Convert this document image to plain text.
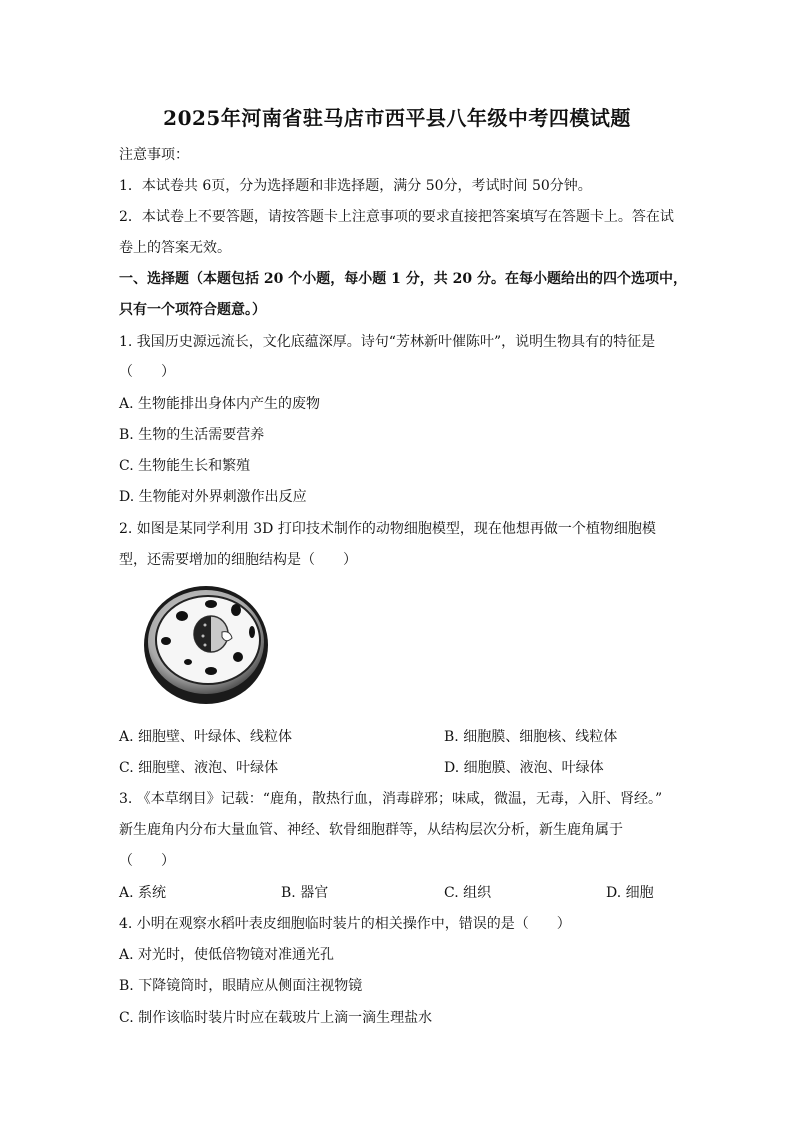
2025年河南省驻马店市西平县八年级中考四模试题
注意事项：
1．本试卷共 6页，分为选择题和非选择题，满分 50分，考试时间 50分钟。
2．本试卷上不要答题，请按答题卡上注意事项的要求直接把答案填写在答题卡上。答在试
卷上的答案无效。
一、选择题（本题包括 20 个小题，每小题 1 分，共 20 分。在每小题给出的四个选项中，
只有一个项符合题意。）
1. 我国历史源远流长，文化底蕴深厚。诗句“芳林新叶催陈叶”，说明生物具有的特征是
（　　）
A. 生物能排出身体内产生的废物
B. 生物的生活需要营养
C. 生物能生长和繁殖
D. 生物能对外界刺激作出反应
2. 如图是某同学利用 3D 打印技术制作的动物细胞模型，现在他想再做一个植物细胞模
型，还需要增加的细胞结构是（　　）
A. 细胞壁、叶绿体、线粒体	B. 细胞膜、细胞核、线粒体
C. 细胞壁、液泡、叶绿体	D. 细胞膜、液泡、叶绿体
3. 《本草纲目》记载：“鹿角，散热行血，消毒辟邪；味咸，微温，无毒，入肝、肾经。”
新生鹿角内分布大量血管、神经、软骨细胞群等，从结构层次分析，新生鹿角属于
（　　）
A. 系统	B. 器官	C. 组织	D. 细胞
4. 小明在观察水稻叶表皮细胞临时装片的相关操作中，错误的是（　　）
A. 对光时，使低倍物镜对准通光孔
B. 下降镜筒时，眼睛应从侧面注视物镜
C. 制作该临时装片时应在载玻片上滴一滴生理盐水
